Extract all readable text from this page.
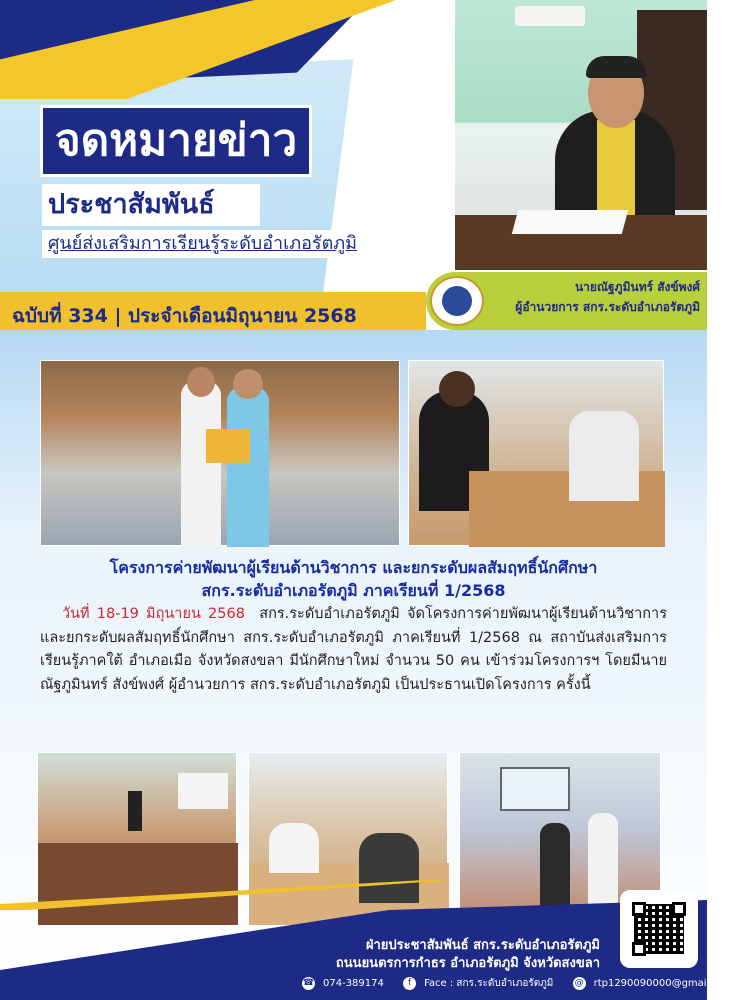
จดหมายข่าว
ประชาสัมพันธ์
ศูนย์ส่งเสริมการเรียนรู้ระดับอำเภอรัตภูมิ
ฉบับที่ 334 | ประจำเดือนมิถุนายน 2568
นายณัฐภูมินทร์ สังข์พงศ์
ผู้อำนวยการ สกร.ระดับอำเภอรัตภูมิ
โครงการค่ายพัฒนาผู้เรียนด้านวิชาการ และยกระดับผลสัมฤทธิ์นักศึกษา
สกร.ระดับอำเภอรัตภูมิ ภาคเรียนที่ 1/2568
วันที่ 18-19 มิถุนายน 2568 สกร.ระดับอำเภอรัตภูมิ จัดโครงการค่ายพัฒนาผู้เรียนด้านวิชาการ และยกระดับผลสัมฤทธิ์นักศึกษา สกร.ระดับอำเภอรัตภูมิ ภาคเรียนที่ 1/2568 ณ สถาบันส่งเสริมการเรียนรู้ภาคใต้ อำเภอเมือ จังหวัดสงขลา มีนักศึกษาใหม่ จำนวน 50 คน เข้าร่วมโครงการฯ โดยมีนายณัฐภูมินทร์ สังข์พงศ์ ผู้อำนวยการ สกร.ระดับอำเภอรัตภูมิ เป็นประธานเปิดโครงการ ครั้งนี้
ฝ่ายประชาสัมพันธ์ สกร.ระดับอำเภอรัตภูมิ
ถนนยนตรการกำธร อำเภอรัตภูมิ จังหวัดสงขลา
☎ 074-389174	f Face : สกร.ระดับอำเภอรัตภูมิ @ rtp1290090000@gmail.com
